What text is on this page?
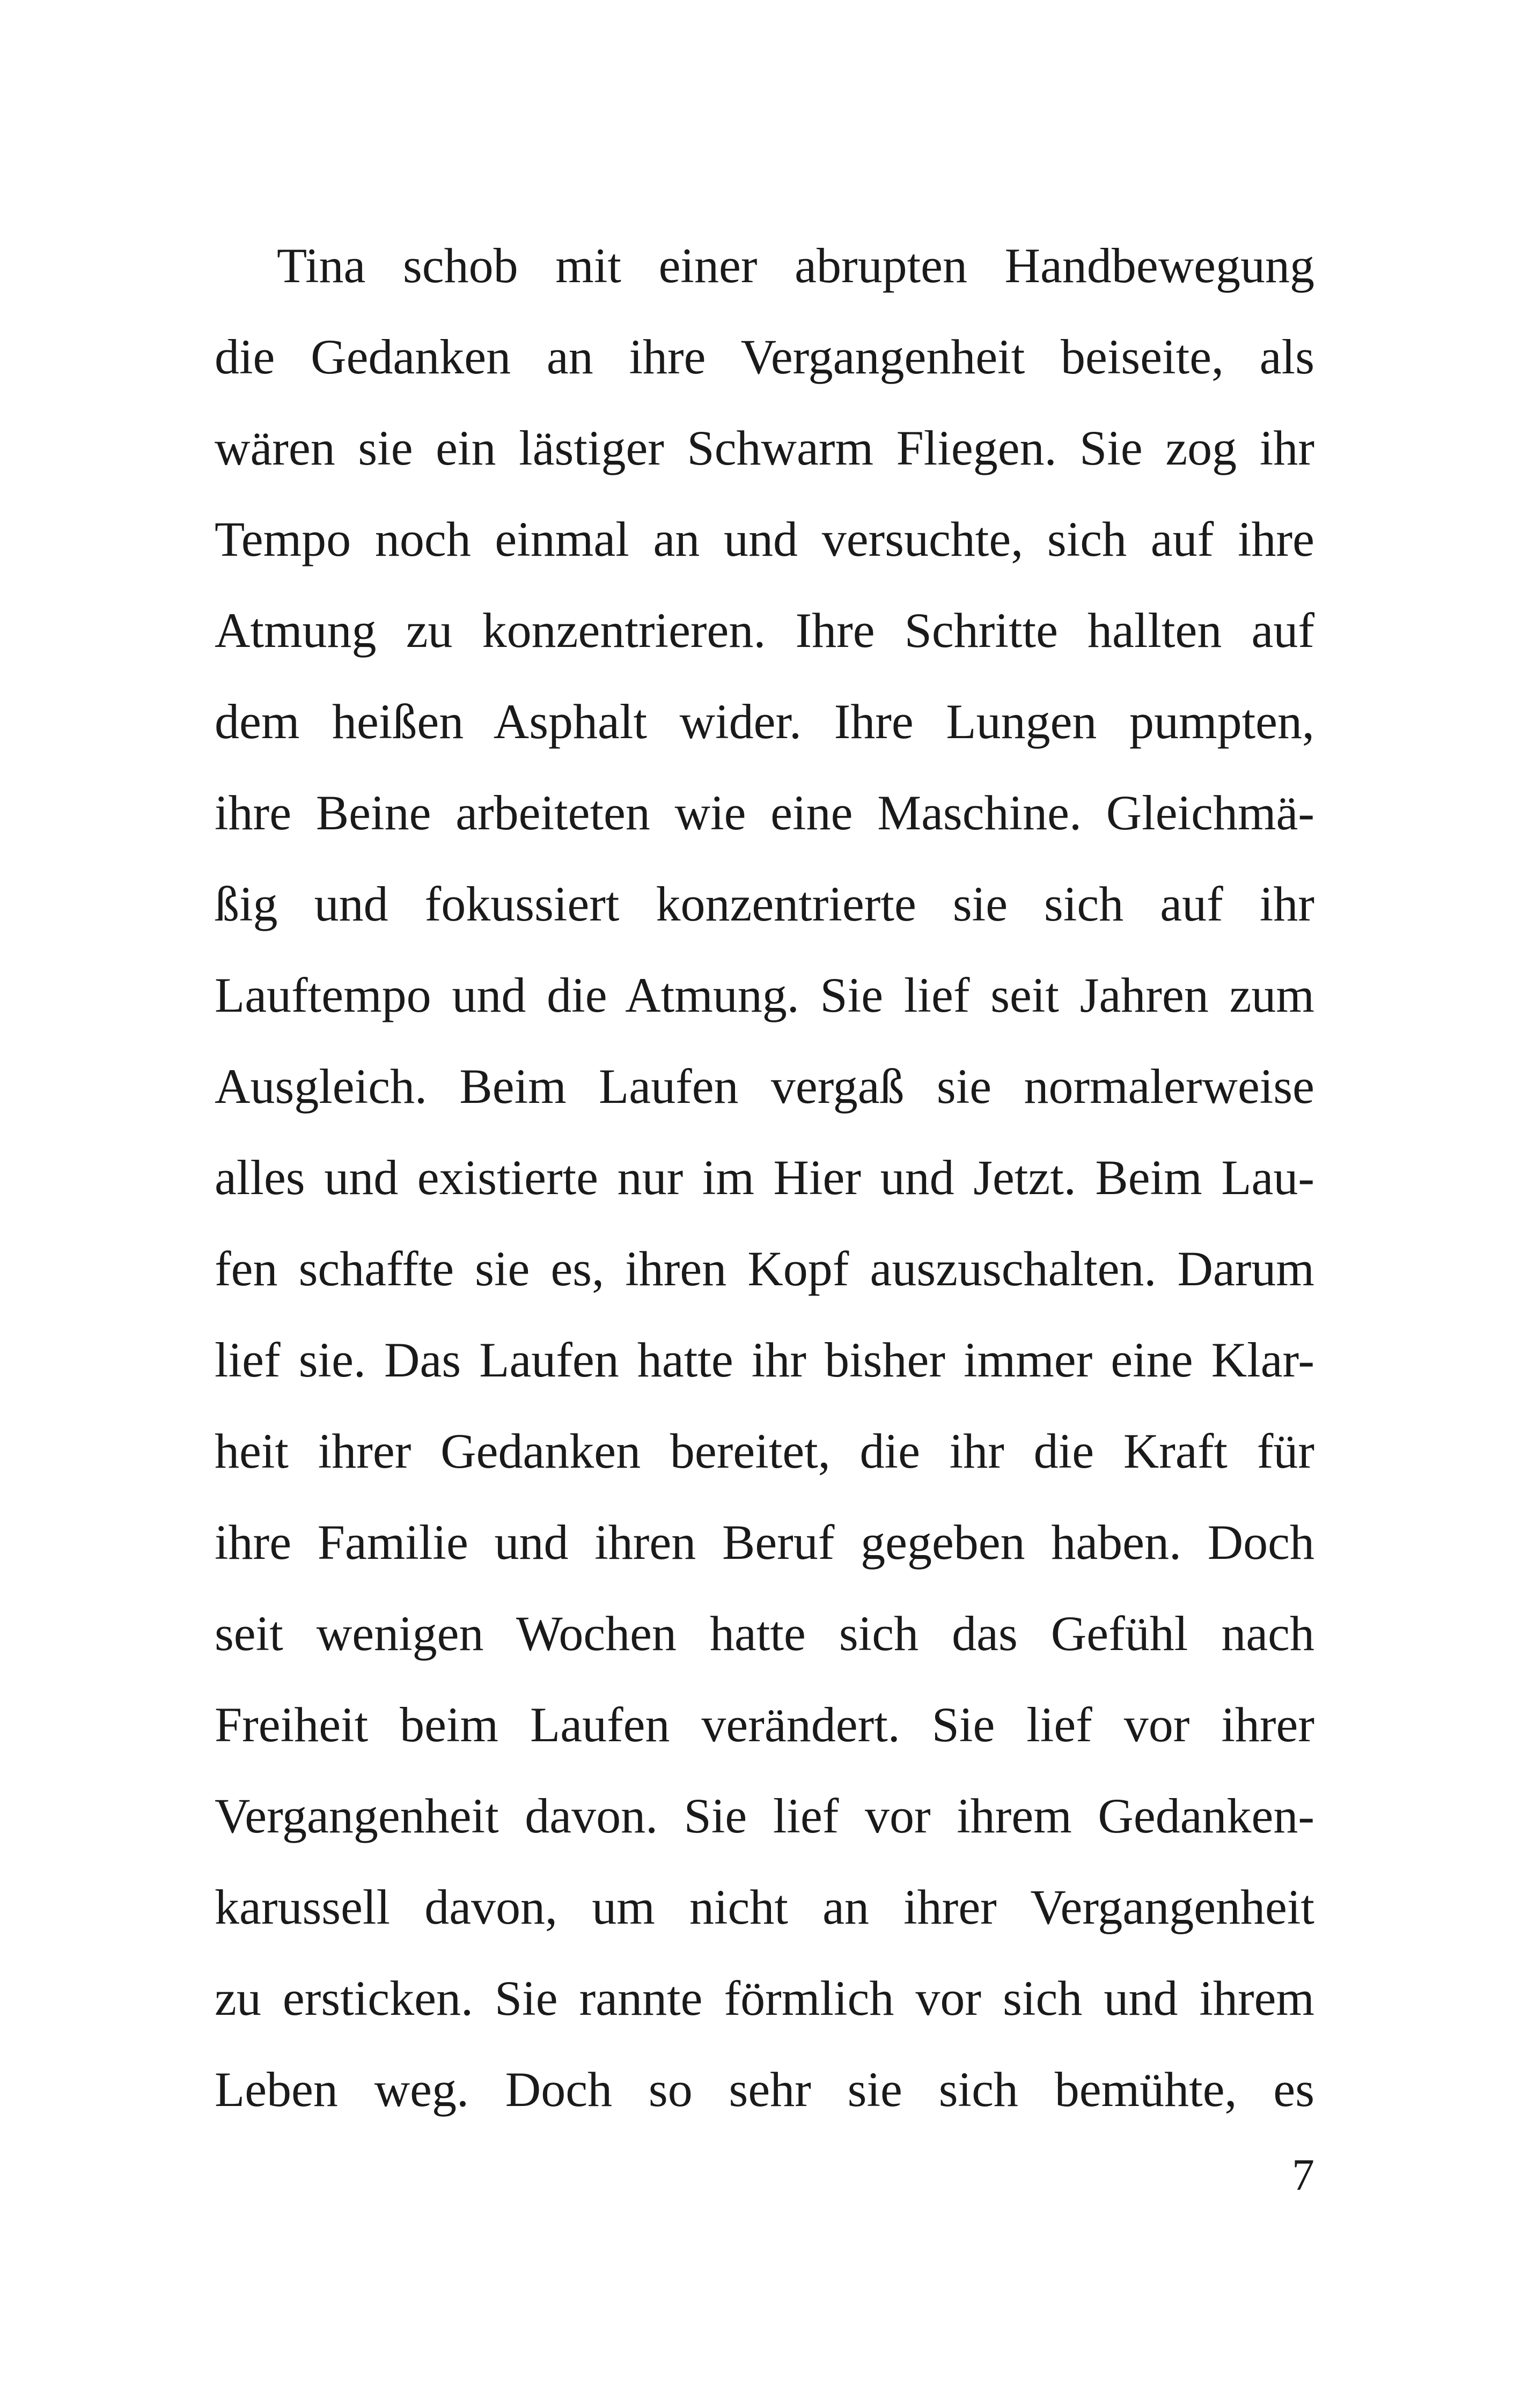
Tina schob mit einer abrupten Handbewegung
die Gedanken an ihre Vergangenheit beiseite, als
wären sie ein lästiger Schwarm Fliegen. Sie zog ihr
Tempo noch einmal an und versuchte, sich auf ihre
Atmung zu konzentrieren. Ihre Schritte hallten auf
dem heißen Asphalt wider. Ihre Lungen pumpten,
ihre Beine arbeiteten wie eine Maschine. Gleichmä-
ßig und fokussiert konzentrierte sie sich auf ihr
Lauftempo und die Atmung. Sie lief seit Jahren zum
Ausgleich. Beim Laufen vergaß sie normalerweise
alles und existierte nur im Hier und Jetzt. Beim Lau-
fen schaffte sie es, ihren Kopf auszuschalten. Darum
lief sie. Das Laufen hatte ihr bisher immer eine Klar-
heit ihrer Gedanken bereitet, die ihr die Kraft für
ihre Familie und ihren Beruf gegeben haben. Doch
seit wenigen Wochen hatte sich das Gefühl nach
Freiheit beim Laufen verändert. Sie lief vor ihrer
Vergangenheit davon. Sie lief vor ihrem Gedanken-
karussell davon, um nicht an ihrer Vergangenheit
zu ersticken. Sie rannte förmlich vor sich und ihrem
Leben weg. Doch so sehr sie sich bemühte, es
7
